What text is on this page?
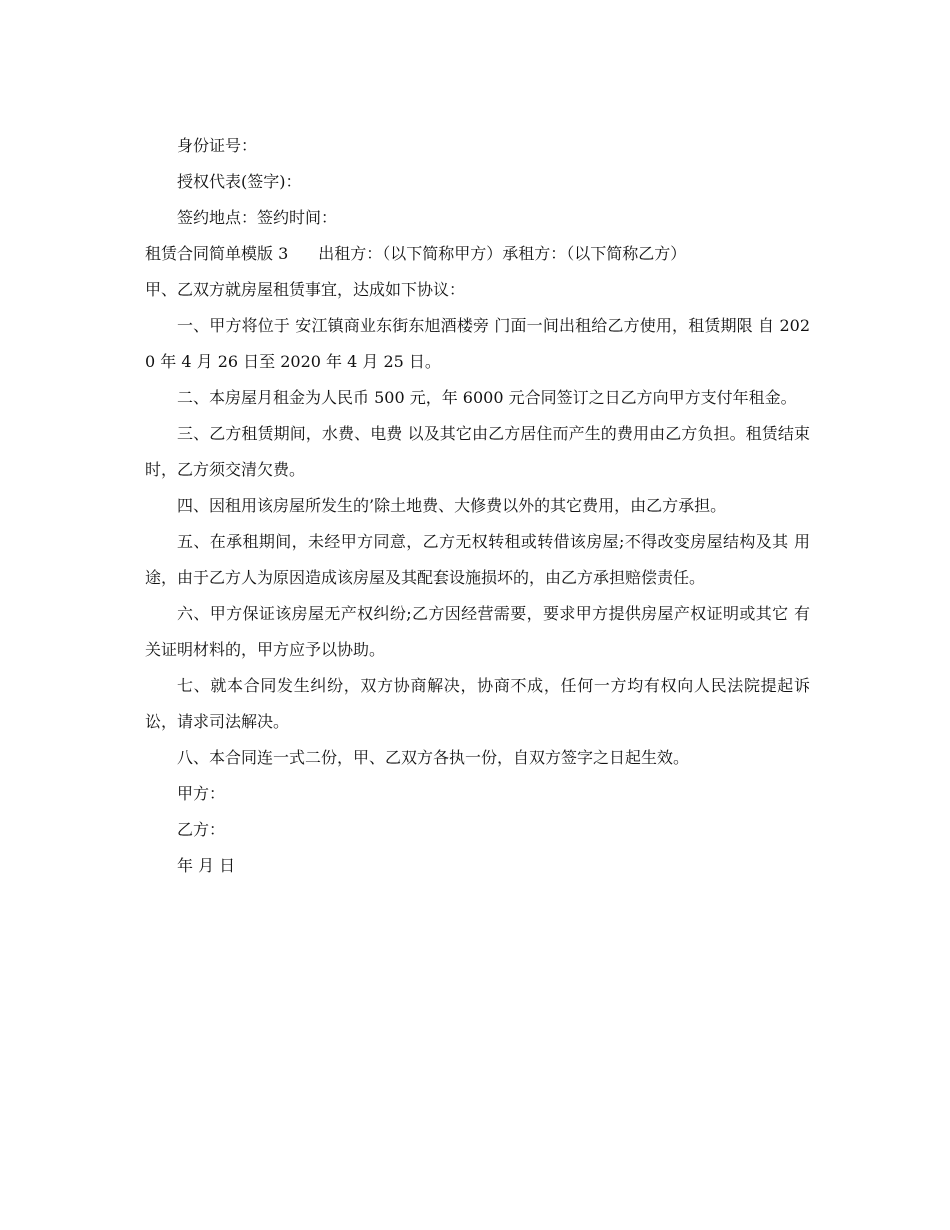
身份证号：
授权代表(签字)：
签约地点：签约时间：
租赁合同简单模版 3 出租方：（以下简称甲方）承租方：（以下简称乙方）
甲、乙双方就房屋租赁事宜，达成如下协议：
一、甲方将位于 安江镇商业东街东旭酒楼旁 门面一间出租给乙方使用，租赁期限 自 2020 年 4 月 26 日至 2020 年 4 月 25 日。
二、本房屋月租金为人民币 500 元，年 6000 元合同签订之日乙方向甲方支付年租金。
三、乙方租赁期间，水费、电费 以及其它由乙方居住而产生的费用由乙方负担。租赁结束时，乙方须交清欠费。
四、因租用该房屋所发生的’除土地费、大修费以外的其它费用，由乙方承担。
五、在承租期间，未经甲方同意，乙方无权转租或转借该房屋;不得改变房屋结构及其 用途，由于乙方人为原因造成该房屋及其配套设施损坏的，由乙方承担赔偿责任。
六、甲方保证该房屋无产权纠纷;乙方因经营需要，要求甲方提供房屋产权证明或其它 有关证明材料的，甲方应予以协助。
七、就本合同发生纠纷，双方协商解决，协商不成，任何一方均有权向人民法院提起诉 讼，请求司法解决。
八、本合同连一式二份，甲、乙双方各执一份，自双方签字之日起生效。
甲方：
乙方：
年 月 日
